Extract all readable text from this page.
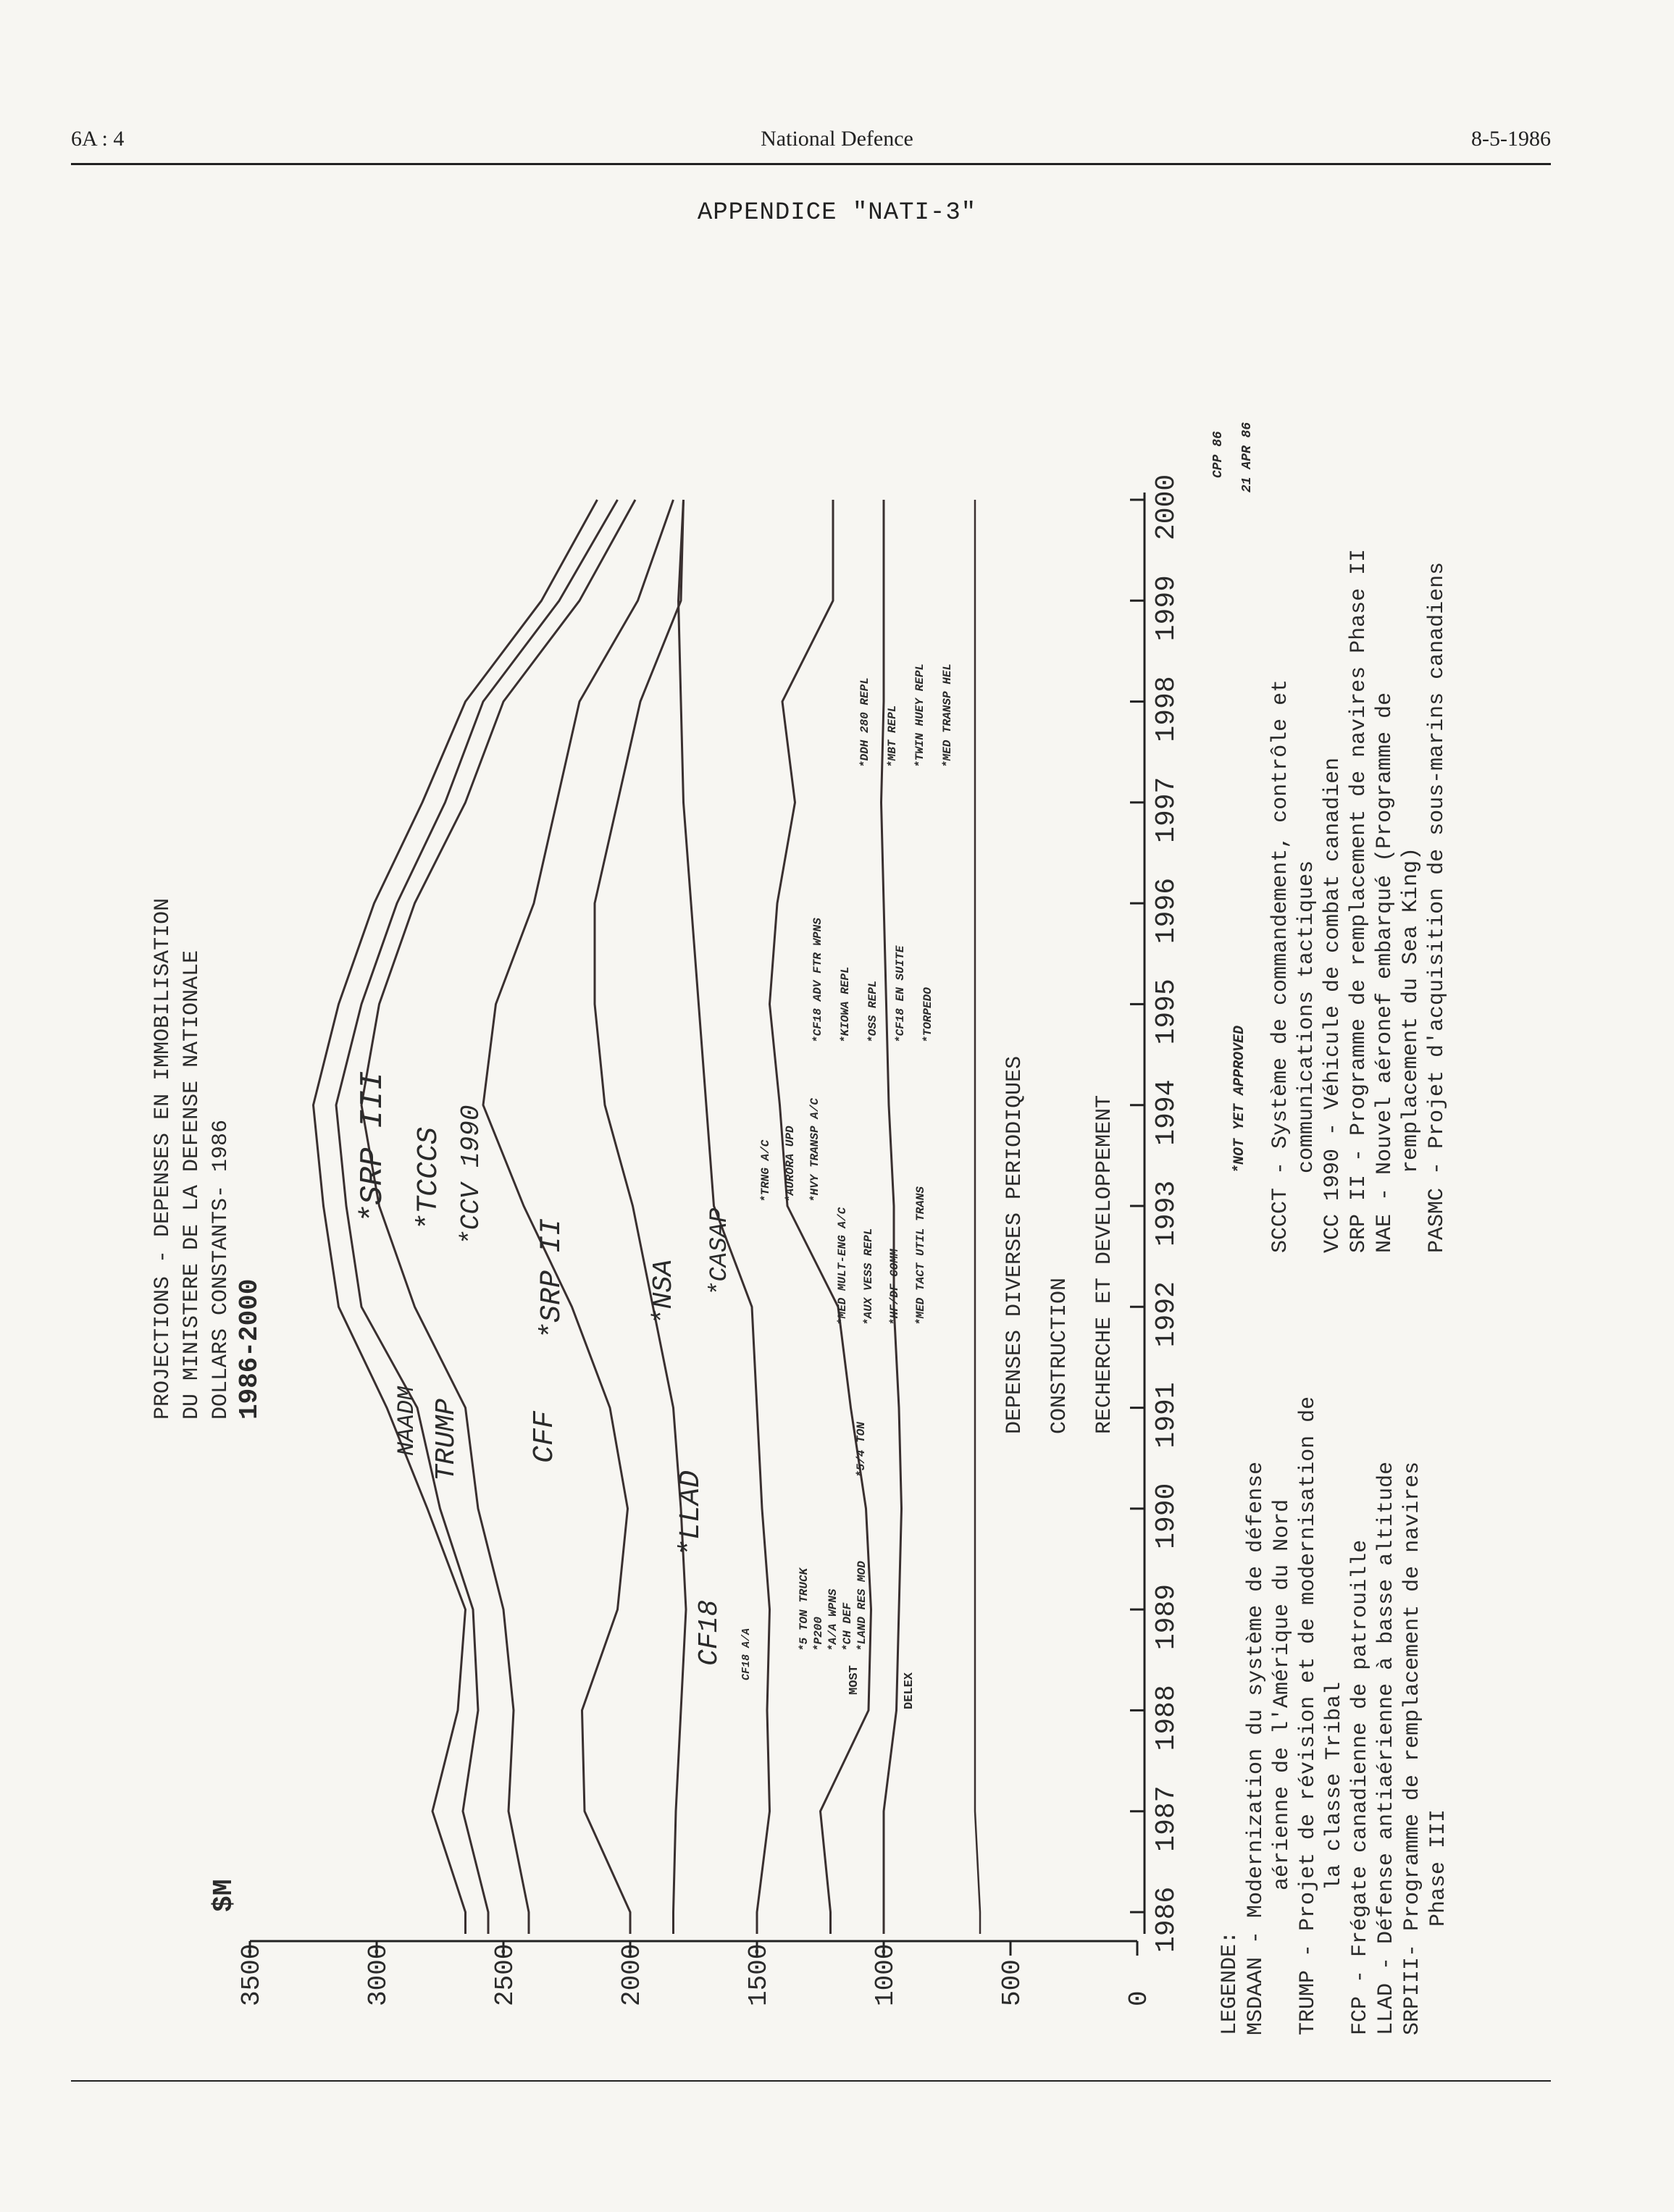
6A : 4	National Defence	8-5-1986
APPENDICE "NATI-3"
1986
1987
1988
1989
1990
1991
1992
1993
1994
1995
1996
1997
1998
1999
2000
0
500
1000
1500
2000
2500
3000
3500
PROJECTIONS - DEPENSES EN IMMOBILISATION DU MINISTERE DE LA DEFENSE NATIONALE DOLLARS CONSTANTS- 1986 1986-2000
$M
CPP 86 21 APR 86
*NOT YET APPROVED
*SRP III *TCCCS *CCV 1990
*SRP II	*NSA *CASAP
NAADM TRUMP CFF
*LLAD
CF18 CF18 A/A	MOST	DELEX
*5 TON TRUCK *P200 *A/A WPNS *CH DEF *LAND RES MOD
*5/4 TON
*MED MULT-ENG A/C	*AUX VESS REPL	*HF/DF COMM	*MED TACT UTIL TRANS
*TRNG A/C	*AURORA UPD	*HVY TRANSP A/C
*CF18 ADV FTR WPNS	*KIOWA REPL	*OSS REPL	*CF18 EN SUITE	*TORPEDO
*DDH 280 REPL	*MBT REPL	*TWIN HUEY REPL	*MED TRANSP HEL
DEPENSES DIVERSES PERIODIQUES CONSTRUCTION RECHERCHE ET DEVELOPPEMENT
LEGENDE: MSDAAN - Modernization du système de défense aérienne de l'Amérique du Nord TRUMP - Projet de révision et de modernisation de la classe Tribal FCP - Frégate canadienne de patrouille LLAD - Défense antiaérienne à basse altitude SRPIII- Programme de remplacement de navires Phase III
SCCCT - Système de commandement, contrôle et communications tactiques VCC 1990 - Véhicule de combat canadien SRP II - Programme de remplacement de navires Phase II NAE - Nouvel aéronef embarqué (Programme de remplacement du Sea King) PASMC - Projet d'acquisition de sous-marins canadiens
